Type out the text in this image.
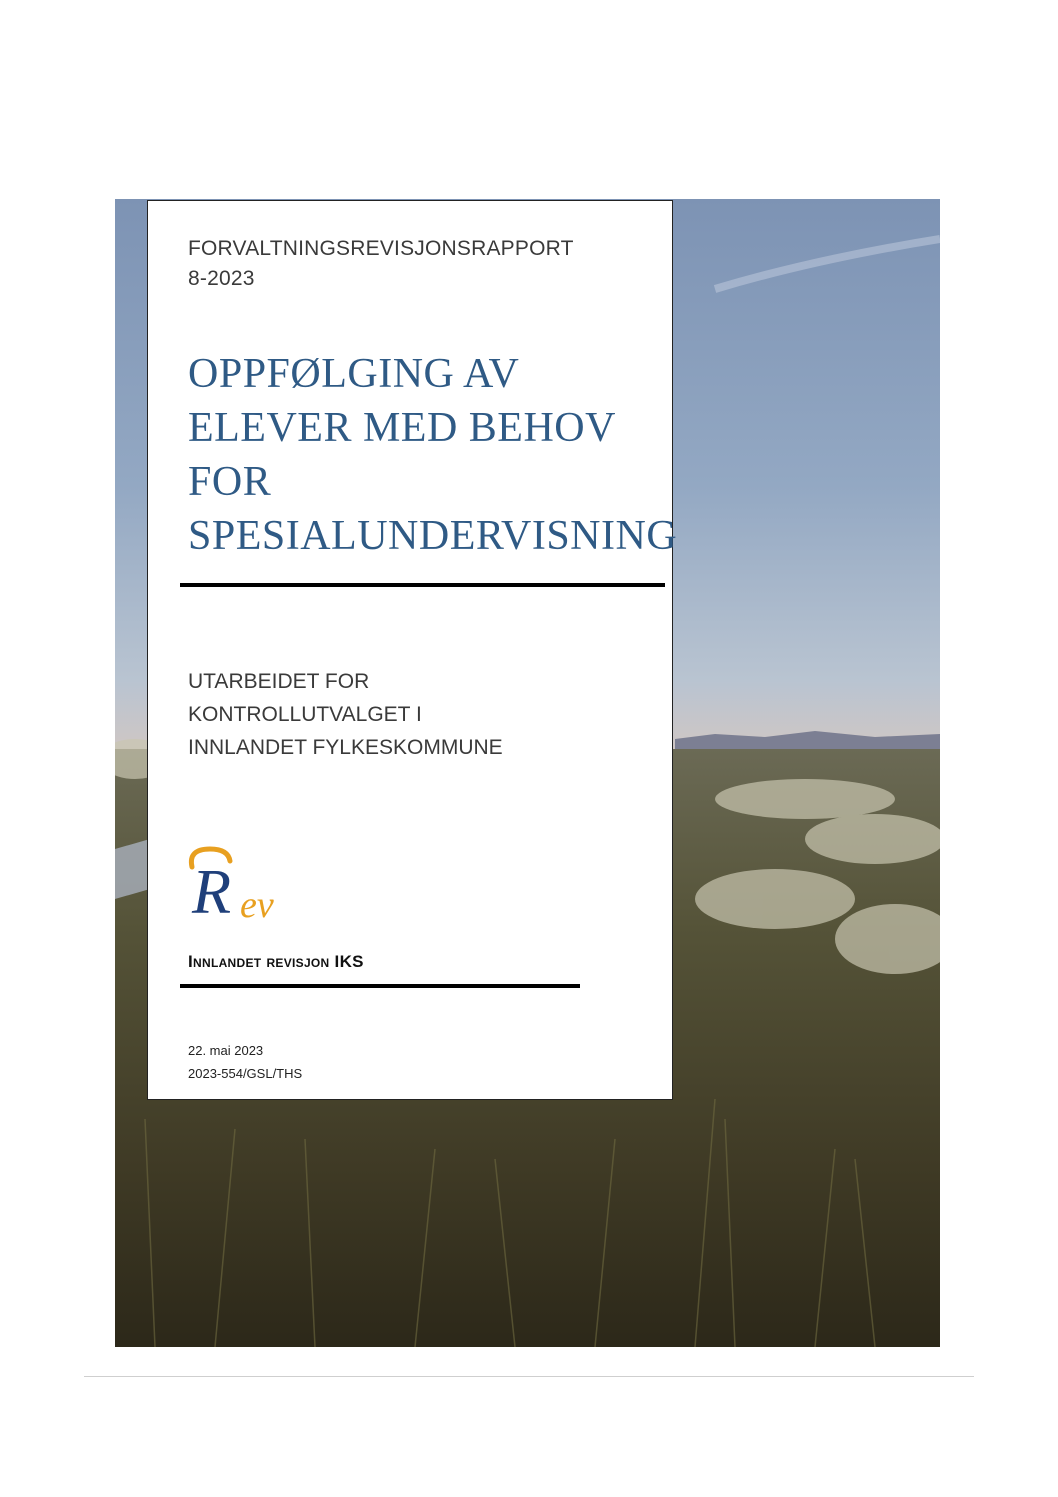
FORVALTNINGSREVISJONSRAPPORT
8-2023
OPPFØLGING AV
ELEVER MED BEHOV
FOR
SPESIALUNDERVISNING
UTARBEIDET FOR
KONTROLLUTVALGET I
INNLANDET FYLKESKOMMUNE
R ev
Innlandet revisjon IKS
22. mai 2023
2023-554/GSL/THS
